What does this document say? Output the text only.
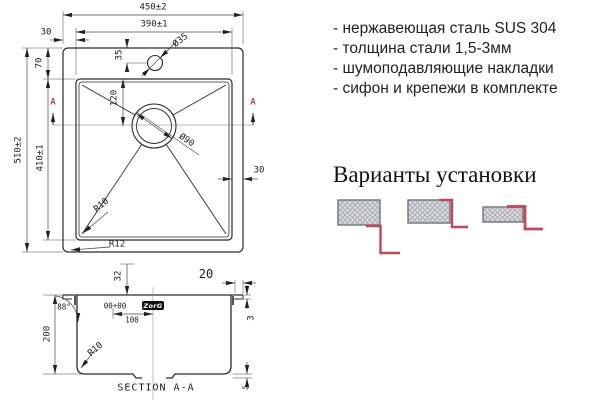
450±2
390±1
30
35
Ø35
70
510±2 410±1
120
Ø90
30
R10
R12
A	A
32	20
3
200
88°	00+00
100
R10
5
SECTION A-A
ZorG
- нержавеющая сталь SUS 304
- толщина стали 1,5-3мм
- шумоподавляющие накладки
- сифон и крепежи в комплекте
Варианты установки
